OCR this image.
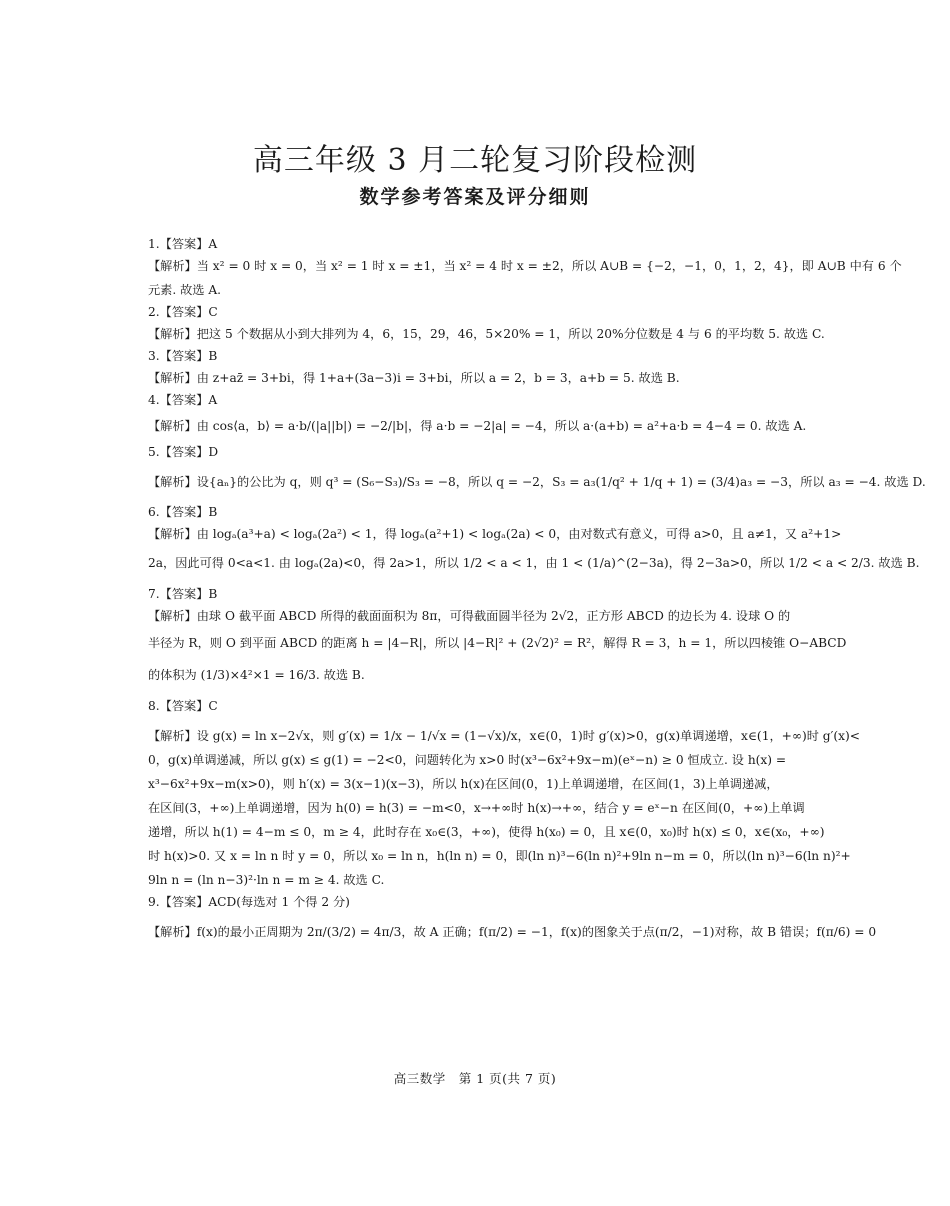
高三年级 3 月二轮复习阶段检测
数学参考答案及评分细则
1.【答案】A
【解析】当 x² = 0 时 x = 0，当 x² = 1 时 x = ±1，当 x² = 4 时 x = ±2，所以 A∪B = {−2，−1，0，1，2，4}，即 A∪B 中有 6 个
元素. 故选 A.
2.【答案】C
【解析】把这 5 个数据从小到大排列为 4，6，15，29，46，5×20% = 1，所以 20%分位数是 4 与 6 的平均数 5. 故选 C.
3.【答案】B
【解析】由 z+az̄ = 3+bi，得 1+a+(3a−3)i = 3+bi，所以 a = 2，b = 3，a+b = 5. 故选 B.
4.【答案】A
【解析】由 cos⟨a，b⟩ = a·b/(|a||b|) = −2/|b|，得 a·b = −2|a| = −4，所以 a·(a+b) = a²+a·b = 4−4 = 0. 故选 A.
5.【答案】D
【解析】设{aₙ}的公比为 q，则 q³ = (S₆−S₃)/S₃ = −8，所以 q = −2，S₃ = a₃(1/q² + 1/q + 1) = (3/4)a₃ = −3，所以 a₃ = −4. 故选 D.
6.【答案】B
【解析】由 logₐ(a³+a) < logₐ(2a²) < 1，得 logₐ(a²+1) < logₐ(2a) < 0，由对数式有意义，可得 a>0，且 a≠1，又 a²+1>
2a，因此可得 0<a<1. 由 logₐ(2a)<0，得 2a>1，所以 1/2 < a < 1，由 1 < (1/a)^(2−3a)，得 2−3a>0，所以 1/2 < a < 2/3. 故选 B.
7.【答案】B
【解析】由球 O 截平面 ABCD 所得的截面面积为 8π，可得截面圆半径为 2√2，正方形 ABCD 的边长为 4. 设球 O 的
半径为 R，则 O 到平面 ABCD 的距离 h = |4−R|，所以 |4−R|² + (2√2)² = R²，解得 R = 3，h = 1，所以四棱锥 O−ABCD
的体积为 (1/3)×4²×1 = 16/3. 故选 B.
8.【答案】C
【解析】设 g(x) = ln x−2√x，则 g′(x) = 1/x − 1/√x = (1−√x)/x，x∈(0，1)时 g′(x)>0，g(x)单调递增，x∈(1，+∞)时 g′(x)<
0，g(x)单调递减，所以 g(x) ≤ g(1) = −2<0，问题转化为 x>0 时(x³−6x²+9x−m)(eˣ−n) ≥ 0 恒成立. 设 h(x) =
x³−6x²+9x−m(x>0)，则 h′(x) = 3(x−1)(x−3)，所以 h(x)在区间(0，1)上单调递增，在区间(1，3)上单调递减，
在区间(3，+∞)上单调递增，因为 h(0) = h(3) = −m<0，x→+∞时 h(x)→+∞，结合 y = eˣ−n 在区间(0，+∞)上单调
递增，所以 h(1) = 4−m ≤ 0，m ≥ 4，此时存在 x₀∈(3，+∞)，使得 h(x₀) = 0，且 x∈(0，x₀)时 h(x) ≤ 0，x∈(x₀，+∞)
时 h(x)>0. 又 x = ln n 时 y = 0，所以 x₀ = ln n，h(ln n) = 0，即(ln n)³−6(ln n)²+9ln n−m = 0，所以(ln n)³−6(ln n)²+
9ln n = (ln n−3)²·ln n = m ≥ 4. 故选 C.
9.【答案】ACD(每选对 1 个得 2 分)
【解析】f(x)的最小正周期为 2π/(3/2) = 4π/3，故 A 正确；f(π/2) = −1，f(x)的图象关于点(π/2，−1)对称，故 B 错误；f(π/6) = 0
高三数学　第 1 页(共 7 页)
